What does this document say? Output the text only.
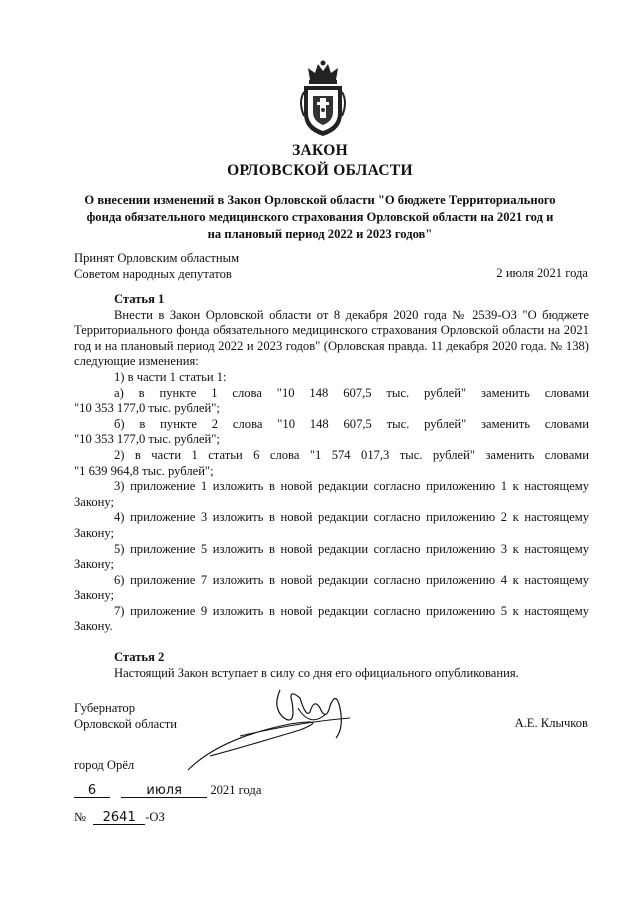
ЗАКОН
ОРЛОВСКОЙ ОБЛАСТИ
О внесении изменений в Закон Орловской области "О бюджете Территориального фонда обязательного медицинского страхования Орловской области на 2021 год и на плановый период 2022 и 2023 годов"
Принят Орловским областным
Советом народных депутатов	2 июля 2021 года

Статья 1

Внести в Закон Орловской области от 8 декабря 2020 года № 2539-ОЗ "О бюджете Территориального фонда обязательного медицинского страхования Орловской области на 2021 год и на плановый период 2022 и 2023 годов" (Орловская правда. 11 декабря 2020 года. № 138) следующие изменения:

1) в части 1 статьи 1:

а) в пункте 1 слова "10 148 607,5 тыс. рублей" заменить словами

"10 353 177,0 тыс. рублей";

б) в пункте 2 слова "10 148 607,5 тыс. рублей" заменить словами

"10 353 177,0 тыс. рублей";

2) в части 1 статьи 6 слова "1 574 017,3 тыс. рублей" заменить словами

"1 639 964,8 тыс. рублей";

3) приложение 1 изложить в новой редакции согласно приложению 1 к настоящему Закону;

4) приложение 3 изложить в новой редакции согласно приложению 2 к настоящему Закону;

5) приложение 5 изложить в новой редакции согласно приложению 3 к настоящему Закону;

6) приложение 7 изложить в новой редакции согласно приложению 4 к настоящему Закону;

7) приложение 9 изложить в новой редакции согласно приложению 5 к настоящему Закону.

Статья 2

Настоящий Закон вступает в силу со дня его официального опубликования.

Губернатор
Орловской области	А.Е. Клычков
город Орёл
6	июля 2021 года
№ 2641 -ОЗ
